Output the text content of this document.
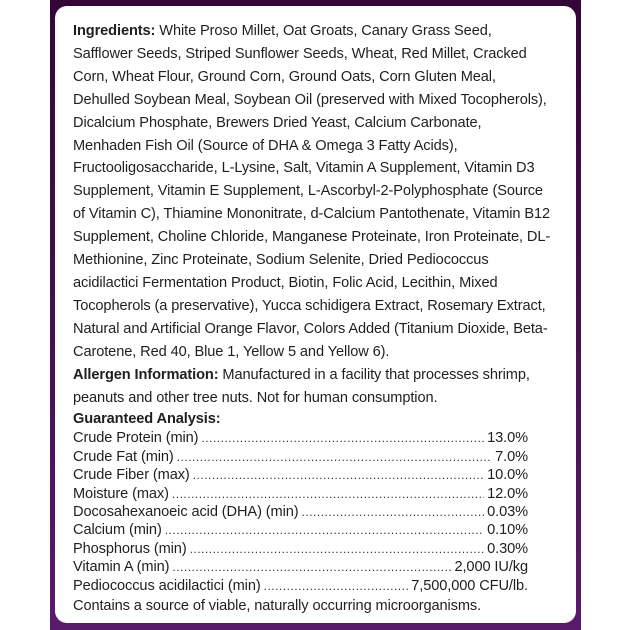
Ingredients: White Proso Millet, Oat Groats, Canary Grass Seed, Safflower Seeds, Striped Sunflower Seeds, Wheat, Red Millet, Cracked Corn, Wheat Flour, Ground Corn, Ground Oats, Corn Gluten Meal, Dehulled Soybean Meal, Soybean Oil (preserved with Mixed Tocopherols), Dicalcium Phosphate, Brewers Dried Yeast, Calcium Carbonate, Menhaden Fish Oil (Source of DHA & Omega 3 Fatty Acids), Fructooligosaccharide, L-Lysine, Salt, Vitamin A Supplement, Vitamin D3 Supplement, Vitamin E Supplement, L-Ascorbyl-2-Polyphosphate (Source of Vitamin C), Thiamine Mononitrate, d-Calcium Pantothenate, Vitamin B12 Supplement, Choline Chloride, Manganese Proteinate, Iron Proteinate, DL-Methionine, Zinc Proteinate, Sodium Selenite, Dried Pediococcus acidilactici Fermentation Product, Biotin, Folic Acid, Lecithin, Mixed Tocopherols (a preservative), Yucca schidigera Extract, Rosemary Extract, Natural and Artificial Orange Flavor, Colors Added (Titanium Dioxide, Beta-Carotene, Red 40, Blue 1, Yellow 5 and Yellow 6).

Allergen Information: Manufactured in a facility that processes shrimp, peanuts and other tree nuts. Not for human consumption.

Guaranteed Analysis:

Crude Protein (min) .....	13.0%
Crude Fat (min) .....	7.0%
Crude Fiber (max) .....	10.0%
Moisture (max) .....	12.0%
Docosahexanoeic acid (DHA) (min) .....	0.03%
Calcium (min) .....	0.10%
Phosphorus (min) .....	0.30%
Vitamin A (min) .....	2,000 IU/kg
Pediococcus acidilactici (min) .....	7,500,000 CFU/lb.

Contains a source of viable, naturally occurring microorganisms.
